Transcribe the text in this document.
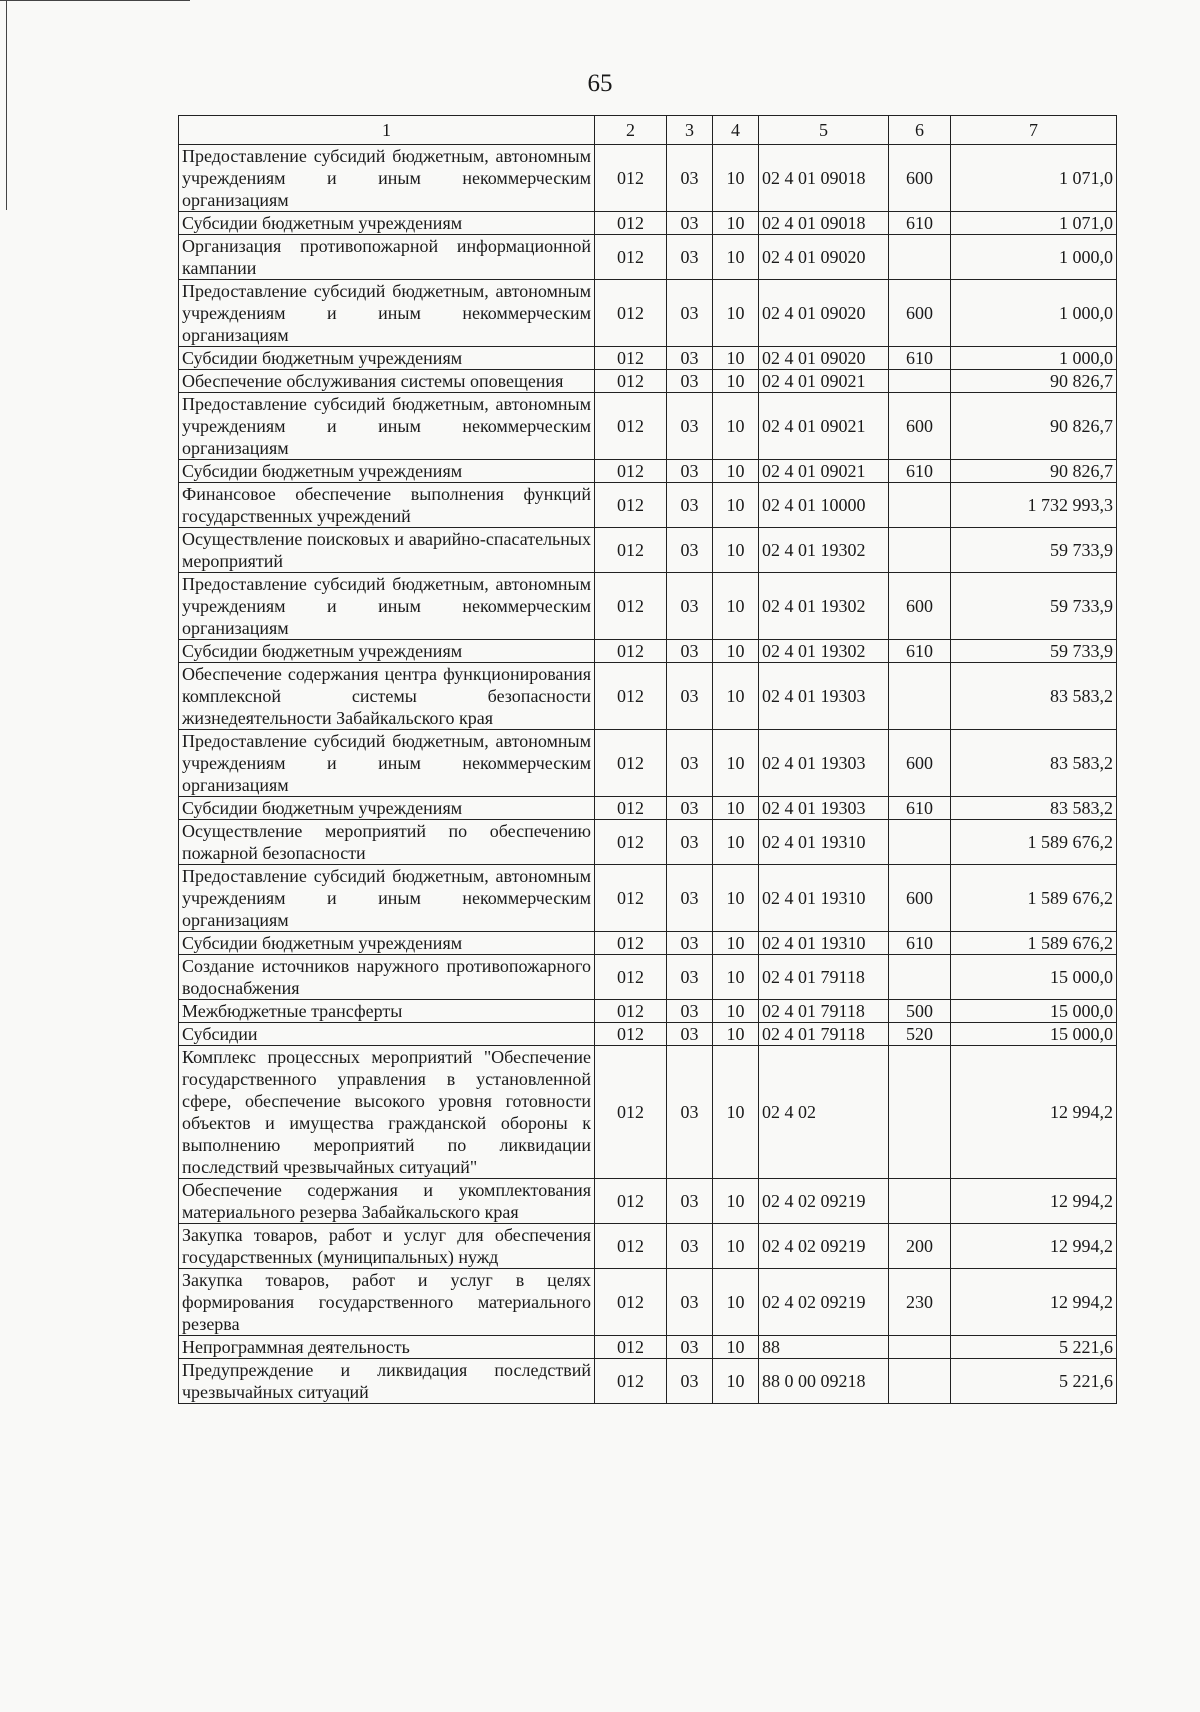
65
1	2	3	4	5	6	7
Предоставление субсидий бюджетным, автономным учреждениям и иным некоммерческим организациям	012	03	10	02 4 01 09018	600	1 071,0
Субсидии бюджетным учреждениям	012	03	10	02 4 01 09018	610	1 071,0
Организация противопожарной информационной кампании	012	03	10	02 4 01 09020		1 000,0
Предоставление субсидий бюджетным, автономным учреждениям и иным некоммерческим организациям	012	03	10	02 4 01 09020	600	1 000,0
Субсидии бюджетным учреждениям	012	03	10	02 4 01 09020	610	1 000,0
Обеспечение обслуживания системы оповещения	012	03	10	02 4 01 09021		90 826,7
Предоставление субсидий бюджетным, автономным учреждениям и иным некоммерческим организациям	012	03	10	02 4 01 09021	600	90 826,7
Субсидии бюджетным учреждениям	012	03	10	02 4 01 09021	610	90 826,7
Финансовое обеспечение выполнения функций государственных учреждений	012	03	10	02 4 01 10000		1 732 993,3
Осуществление поисковых и аварийно-спасательных мероприятий	012	03	10	02 4 01 19302		59 733,9
Предоставление субсидий бюджетным, автономным учреждениям и иным некоммерческим организациям	012	03	10	02 4 01 19302	600	59 733,9
Субсидии бюджетным учреждениям	012	03	10	02 4 01 19302	610	59 733,9
Обеспечение содержания центра функционирования комплексной системы безопасности жизнедеятельности Забайкальского края	012	03	10	02 4 01 19303		83 583,2
Предоставление субсидий бюджетным, автономным учреждениям и иным некоммерческим организациям	012	03	10	02 4 01 19303	600	83 583,2
Субсидии бюджетным учреждениям	012	03	10	02 4 01 19303	610	83 583,2
Осуществление мероприятий по обеспечению пожарной безопасности	012	03	10	02 4 01 19310		1 589 676,2
Предоставление субсидий бюджетным, автономным учреждениям и иным некоммерческим организациям	012	03	10	02 4 01 19310	600	1 589 676,2
Субсидии бюджетным учреждениям	012	03	10	02 4 01 19310	610	1 589 676,2
Создание источников наружного противопожарного водоснабжения	012	03	10	02 4 01 79118		15 000,0
Межбюджетные трансферты	012	03	10	02 4 01 79118	500	15 000,0
Субсидии	012	03	10	02 4 01 79118	520	15 000,0
Комплекс процессных мероприятий "Обеспечение государственного управления в установленной сфере, обеспечение высокого уровня готовности объектов и имущества гражданской обороны к выполнению мероприятий по ликвидации последствий чрезвычайных ситуаций"	012	03	10	02 4 02		12 994,2
Обеспечение содержания и укомплектования материального резерва Забайкальского края	012	03	10	02 4 02 09219		12 994,2
Закупка товаров, работ и услуг для обеспечения государственных (муниципальных) нужд	012	03	10	02 4 02 09219	200	12 994,2
Закупка товаров, работ и услуг в целях формирования государственного материального резерва	012	03	10	02 4 02 09219	230	12 994,2
Непрограммная деятельность	012	03	10	88		5 221,6
Предупреждение и ликвидация последствий чрезвычайных ситуаций	012	03	10	88 0 00 09218		5 221,6
